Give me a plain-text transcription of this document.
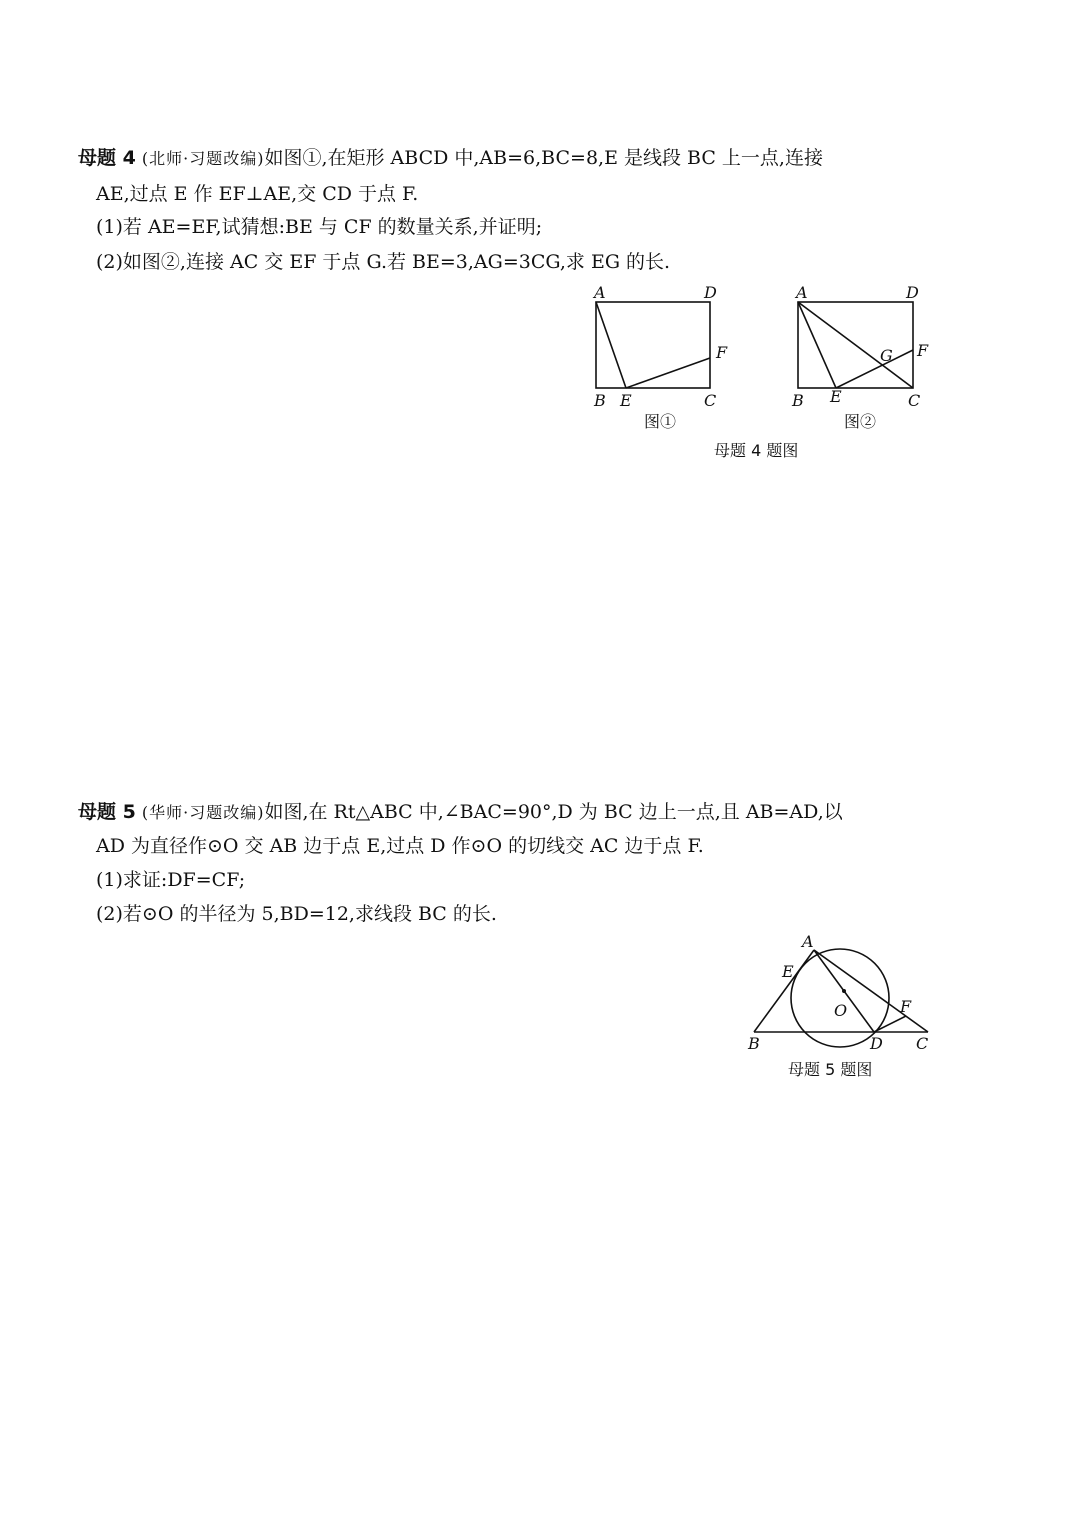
母题 4 (北师·习题改编)如图①,在矩形 ABCD 中,AB=6,BC=8,E 是线段 BC 上一点,连接
AE,过点 E 作 EF⊥AE,交 CD 于点 F.
(1)若 AE=EF,试猜想:BE 与 CF 的数量关系,并证明;
(2)如图②,连接 AC 交 EF 于点 G.若 BE=3,AG=3CG,求 EG 的长.
A	D
F
B E	C
图①
A	D
G F
B E	C
图②
母题 4 题图
母题 5 (华师·习题改编)如图,在 Rt△ABC 中,∠BAC=90°,D 为 BC 边上一点,且 AB=AD,以
AD 为直径作⊙O 交 AB 边于点 E,过点 D 作⊙O 的切线交 AC 边于点 F.
(1)求证:DF=CF;
(2)若⊙O 的半径为 5,BD=12,求线段 BC 的长.
A
E
O	F
B	D C
母题 5 题图
